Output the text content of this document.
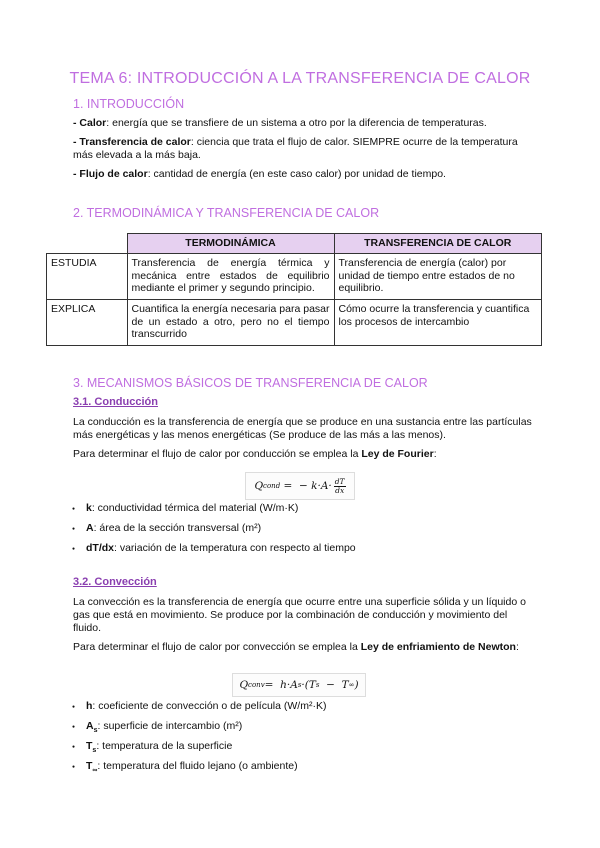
TEMA 6: INTRODUCCIÓN A LA TRANSFERENCIA DE CALOR
1. INTRODUCCIÓN
- Calor: energía que se transfiere de un sistema a otro por la diferencia de temperaturas.
- Transferencia de calor: ciencia que trata el flujo de calor. SIEMPRE ocurre de la temperatura más elevada a la más baja.
- Flujo de calor: cantidad de energía (en este caso calor) por unidad de tiempo.
2. TERMODINÁMICA Y TRANSFERENCIA DE CALOR
	TERMODINÁMICA	TRANSFERENCIA DE CALOR
ESTUDIA	Transferencia de energía térmica y mecánica entre estados de equilibrio mediante el primer y segundo principio.	Transferencia de energía (calor) por unidad de tiempo entre estados de no equilibrio.
EXPLICA	Cuantifica la energía necesaria para pasar de un estado a otro, pero no el tiempo transcurrido	Cómo ocurre la transferencia y cuantifica los procesos de intercambio
3. MECANISMOS BÁSICOS DE TRANSFERENCIA DE CALOR
3.1. Conducción
La conducción es la transferencia de energía que se produce en una sustancia entre las partículas más energéticas y las menos energéticas (Se produce de las más a las menos).
Para determinar el flujo de calor por conducción se emplea la Ley de Fourier:
Q cond
=  − $k\cdot A\cdot \frac{dT}{dx}$
● k: conductividad térmica del material (W/m·K)
● A: área de la sección transversal (m²)
● dT/dx: variación de la temperatura con respecto al tiempo
3.2. Convección
La convección es la transferencia de energía que ocurre entre una superficie sólida y un líquido o gas que está en movimiento. Se produce por la combinación de conducción y movimiento del fluido.
Para determinar el flujo de calor por convección se emplea la Ley de enfriamiento de Newton:
Q conv =  h·A s ·(T s −  T ∞ )
● h: coeficiente de convección o de película (W/m²·K)
● $A_s$: superficie de intercambio (m²)
● $T_s$: temperatura de la superficie
● $T_\infty$: temperatura del fluido lejano (o ambiente)
